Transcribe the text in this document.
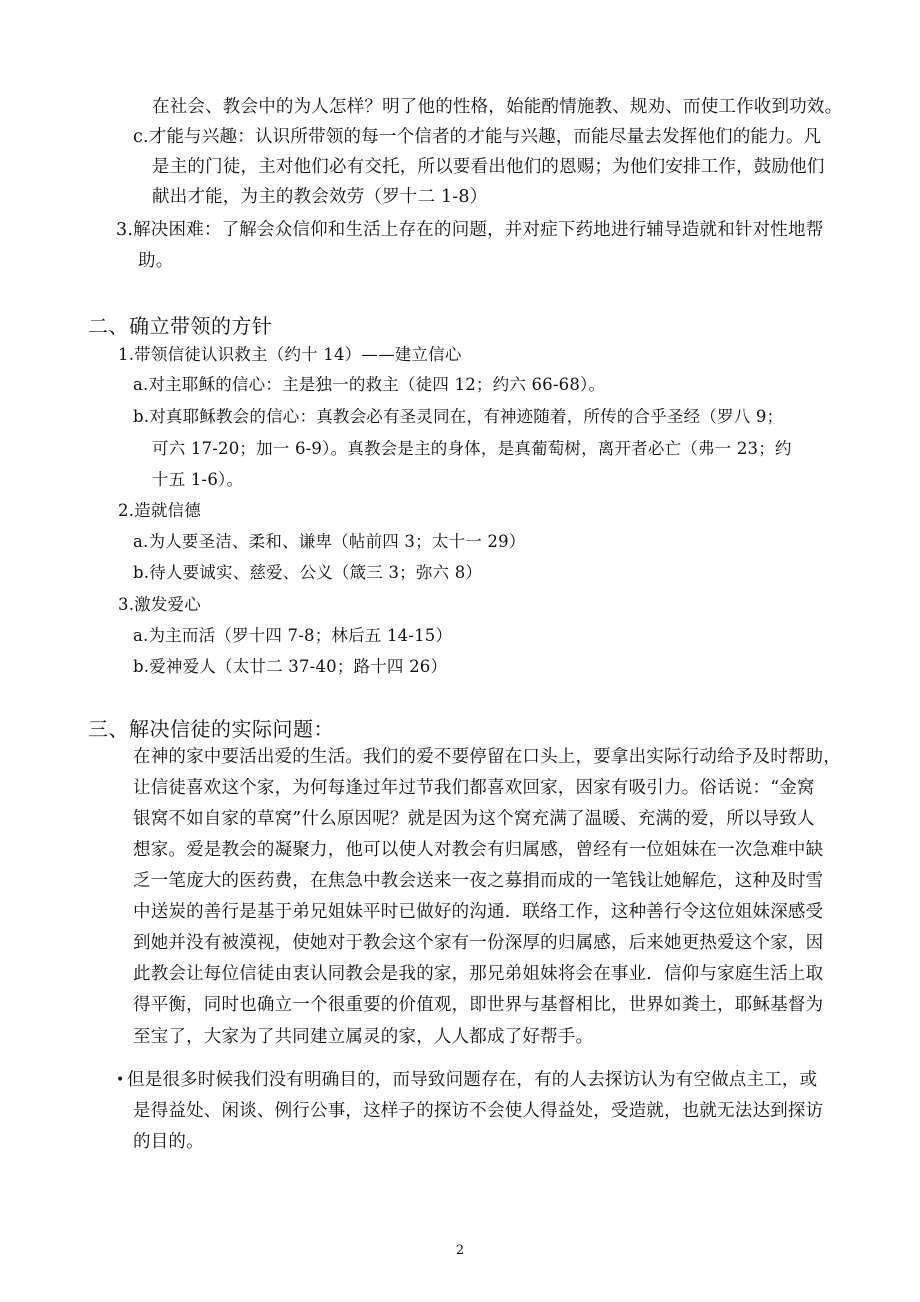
在社会、教会中的为人怎样？明了他的性格，始能酌情施教、规劝、而使工作收到功效。

c.才能与兴趣：认识所带领的每一个信者的才能与兴趣，而能尽量去发挥他们的能力。凡

是主的门徒，主对他们必有交托，所以要看出他们的恩赐；为他们安排工作，鼓励他们

献出才能，为主的教会效劳（罗十二 1-8）

3.解决困难：了解会众信仰和生活上存在的问题，并对症下药地进行辅导造就和针对性地帮

助。

二、确立带领的方针

1.带领信徒认识救主（约十 14）——建立信心

a.对主耶稣的信心：主是独一的救主（徒四 12；约六 66-68）。

b.对真耶稣教会的信心：真教会必有圣灵同在，有神迹随着，所传的合乎圣经（罗八 9；

可六 17-20；加一 6-9）。真教会是主的身体，是真葡萄树，离开者必亡（弗一 23；约

十五 1-6）。

2.造就信德

a.为人要圣洁、柔和、谦卑（帖前四 3；太十一 29）

b.待人要诚实、慈爱、公义（箴三 3；弥六 8）

3.激发爱心

a.为主而活（罗十四 7-8；林后五 14-15）

b.爱神爱人（太廿二 37-40；路十四 26）

三、解决信徒的实际问题：

在神的家中要活出爱的生活。我们的爱不要停留在口头上，要拿出实际行动给予及时帮助，

让信徒喜欢这个家，为何每逢过年过节我们都喜欢回家，因家有吸引力。俗话说：“金窝

银窝不如自家的草窝”什么原因呢？就是因为这个窝充满了温暖、充满的爱，所以导致人

想家。爱是教会的凝聚力，他可以使人对教会有归属感，曾经有一位姐妹在一次急难中缺

乏一笔庞大的医药费，在焦急中教会送来一夜之募捐而成的一笔钱让她解危，这种及时雪

中送炭的善行是基于弟兄姐妹平时已做好的沟通．联络工作，这种善行令这位姐妹深感受

到她并没有被漠视，使她对于教会这个家有一份深厚的归属感，后来她更热爱这个家，因

此教会让每位信徒由衷认同教会是我的家，那兄弟姐妹将会在事业．信仰与家庭生活上取

得平衡，同时也确立一个很重要的价值观，即世界与基督相比，世界如粪土，耶稣基督为

至宝了，大家为了共同建立属灵的家，人人都成了好帮手。

• 但是很多时候我们没有明确目的，而导致问题存在，有的人去探访认为有空做点主工，或

是得益处、闲谈、例行公事，这样子的探访不会使人得益处，受造就，也就无法达到探访

的目的。

2
